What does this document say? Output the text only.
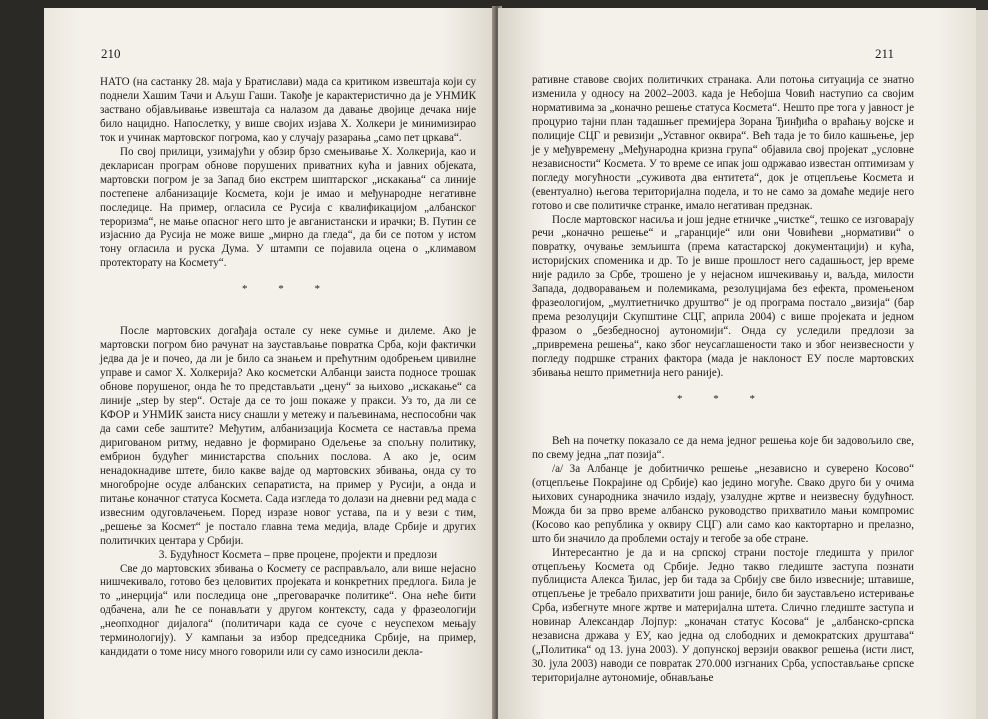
210

НАТО (на састанку 28. маја у Братислави) мада са критиком извештаја који су поднели Хашим Тачи и Аљуш Гаши. Такође је карактеристично да је УНМИК заствано објављивање извештаја са налазом да давање двојице дечака није било нацидно. Напослетку, у више својих изјава Х. Холкери је минимизирао ток и учинак мартовског погрома, као у случају разарања „само пет цркава“.

По свој прилици, узимајући у обзир брзо смењивање Х. Холкерија, као и декларисан програм обнове порушених приватних кућа и јавних објеката, мартовски погром је за Запад био екстрем шиптарског „искакања“ са линије постепене албанизације Космета, који је имао и међународне негативне последице. На пример, огласила се Русија с квалификацијом „албанског тероризма“, не мање опасног него што је авганистански и ирачки; В. Путин се изјаснио да Русија не може више „мирно да гледа“, да би се потом у истом тону огласила и руска Дума. У штампи се појавила оцена о „климавом протекторату на Космету“.

* * *

После мартовских догађаја остале су неке сумње и дилеме. Ако је мартовски погром био рачунат на заустављање повратка Срба, који фактички једва да је и почео, да ли је било са знањем и прећутним одобрењем цивилне управе и самог Х. Холкерија? Ако косметски Албанци заиста подносе трошак обнове порушеног, онда ће то представљати „цену“ за њихово „искакање“ са линије „step by step“. Остаје да се то још покаже у пракси. Уз то, да ли се КФОР и УНМИК заиста нису снашли у метежу и паљевинама, неспособни чак да сами себе заштите? Међутим, албанизација Космета се наставља према дириговaном ритму, недавно је формирано Одељење за спољну политику, ембрион будућег министарства спољних послова. А ако је, осим ненадокнадиве штете, било какве вајде од мартовских збивања, онда су то многобројне осуде албанских сепаратиста, на пример у Русији, а онда и питање коначног статуса Космета. Сада изгледа то долази на дневни ред мада с извесним одуговлачењем. Поред изразе новог устава, па и у вези с тим, „решење за Космет“ је постало главна тема медија, владе Србије и других политичких центара у Србији.

3. Будућност Космета – прве процене, пројекти и предлози

Све до мартовских збивања о Космету се расправљало, али више нејасно нишчекивало, готово без целовитих пројеката и конкретних предлога. Била је то „инерција“ или последица оне „преговарачке политике“. Она неће бити одбачена, али ће се понављати у другом контексту, сада у фразеологији „неопходног дијалога“ (политичари када се суоче с неуспехом мењају терминологију). У кампањи за избор председника Србије, на пример, кандидати о томе нису много говорили или су само износили декла-

211

ративне ставове својих политичких странака. Али потоња ситуација се знатно изменила у односу на 2002–2003. када је Небојша Човић наступио са својим нормативима за „коначно решење статуса Космета“. Нешто пре тога у јавност је процурио тајни план тадашњег премијера Зорана Ђинђића о враћању војске и полиције СЦГ и ревизији „Уставног оквира“. Већ тада је то било кашњење, јер је у међувремену „Међународна кризна група“ објавила свој пројекат „условне независности“ Космета. У то време се ипак још одржавао известан оптимизам у погледу могућности „суживота два ентитета“, док је отцепљење Космета и (евентуално) његова територијална подела, и то не само за домаће медије него готово и све политичке странке, имало негативан предзнак.

После мартовског насиља и још једне етничке „чистке“, тешко се изговарају речи „коначно решење“ и „гаранције“ или они Човићеви „нормативи“ о повратку, очување земљишта (према катастарској документацији) и кућа, историјских споменика и др. То је више прошлост него садашњост, јер време није радило за Србе, трошено је у нејасном ишчекивању и, ваљда, милости Запада, додворавањем и полемикама, резолуцијама без ефекта, промењеном фразеологијом, „мултиетничко друштво“ је од програма постало „визија“ (бар према резолуцији Скупштине СЦГ, априла 2004) с више пројеката и једном фразом о „безбедносној аутономији“. Онда су уследили предлози за „привремена решења“, како због неусаглашености тако и због неизвесности у погледу подршке страних фактора (мада је наклоност ЕУ после мартовских збивања нешто приметнија него раније).

* * *

Већ на почетку показало се да нема једног решења које би задовољило све, по свему једна „пат позија“.

/а/ За Албанце је добитничко решење „независно и суверено Косово“ (отцепљење Покрајине од Србије) као једино могуће. Свако друго би у очима њихових сународника значило издају, узалудне жртве и неизвесну будућност. Можда би за прво време албанско руководство прихватило мањи компромис (Косово као република у оквиру СЦГ) али само као кактортарно и прелазно, што би значило да проблеми остају и тегобе за обе стране.

Интересантно је да и на српској страни постоје гледишта у прилог отцепљењу Космета од Србије. Једно такво гледиште заступа познати публициста Алекса Ђилас, јер би тада за Србију све било извесније; штавише, отцепљење је требало прихватити још раније, било би заустављено истеривање Срба, избегнуте многе жртве и материјална штета. Слично гледиште заступа и новинар Александар Лојпур: „коначан статус Косова“ је „албанско-српска независна држава у ЕУ, као једна од слободних и демократских друштава“ („Политика“ од 13. јуна 2003). У допунској верзији оваквог решења (исти лист, 30. јула 2003) наводи се повратак 270.000 изгнаних Срба, успостављање српске територијалне аутономије, обнављање
